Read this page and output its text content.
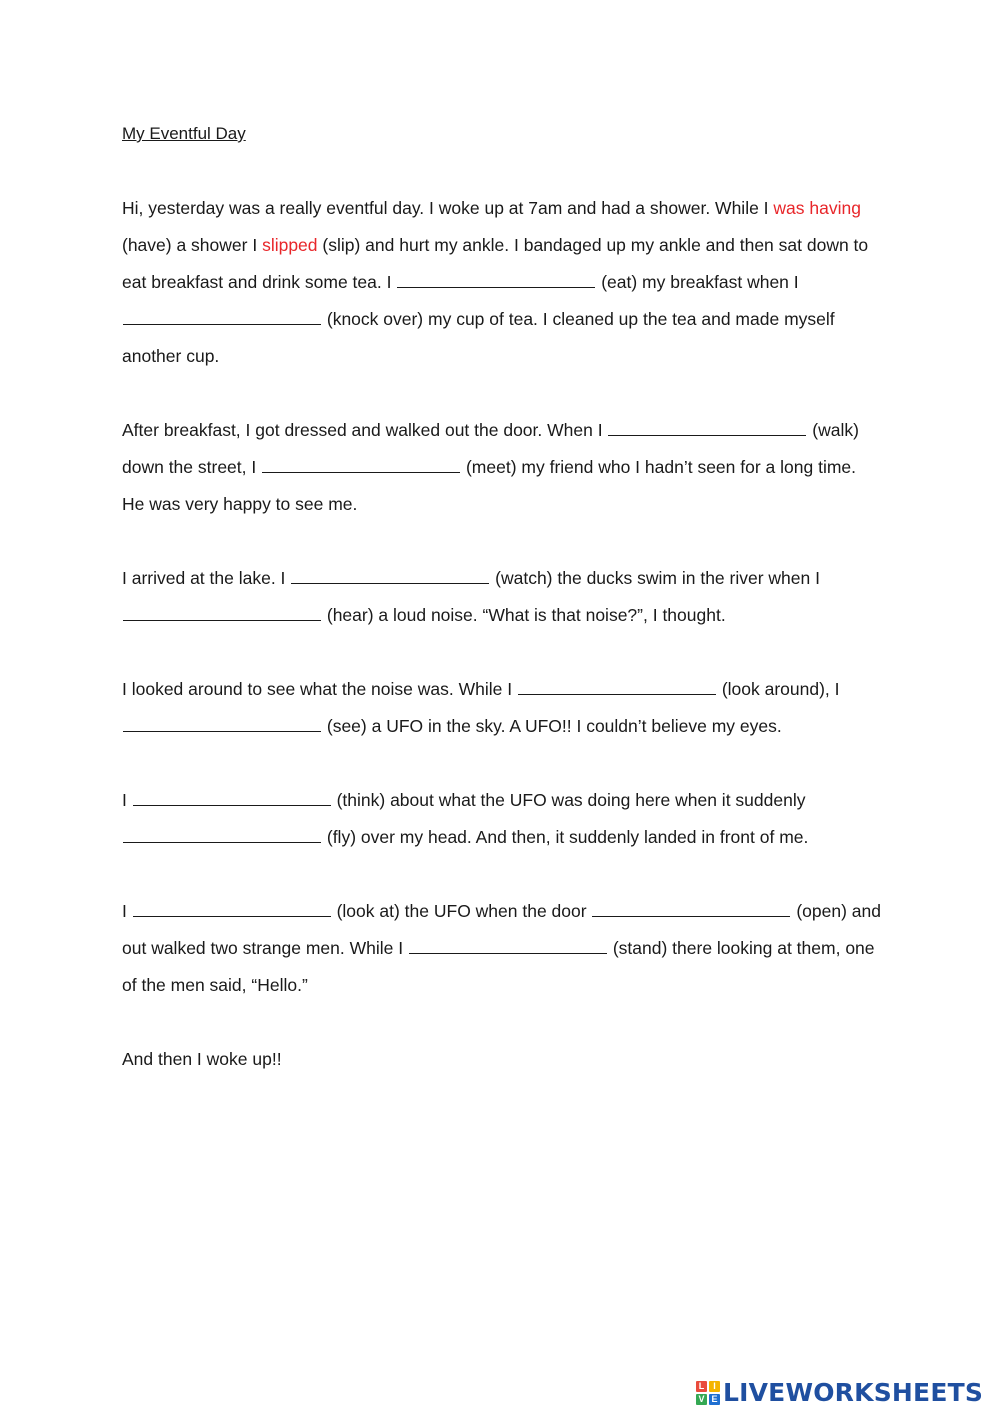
My Eventful Day

Hi, yesterday was a really eventful day. I woke up at 7am and had a shower. While I was having (have) a shower I slipped (slip) and hurt my ankle. I bandaged up my ankle and then sat down to eat breakfast and drink some tea. I	(eat) my breakfast when I  (knock over) my cup of tea. I cleaned up the tea and made myself another cup.

After breakfast, I got dressed and walked out the door. When I	(walk) down the street, I	(meet) my friend who I hadn’t seen for a long time. He was very happy to see me.

I arrived at the lake. I	(watch) the ducks swim in the river when I  (hear) a loud noise. “What is that noise?”, I thought.

I looked around to see what the noise was. While I	(look around), I  (see) a UFO in the sky. A UFO!! I couldn’t believe my eyes.

I	(think) about what the UFO was doing here when it suddenly  (fly) over my head. And then, it suddenly landed in front of me.

I	(look at) the UFO when the door	(open) and out walked two strange men. While I	(stand) there looking at them, one of the men said, “Hello.”

And then I woke up!!

L I
V E LIVEWORKSHEETS
